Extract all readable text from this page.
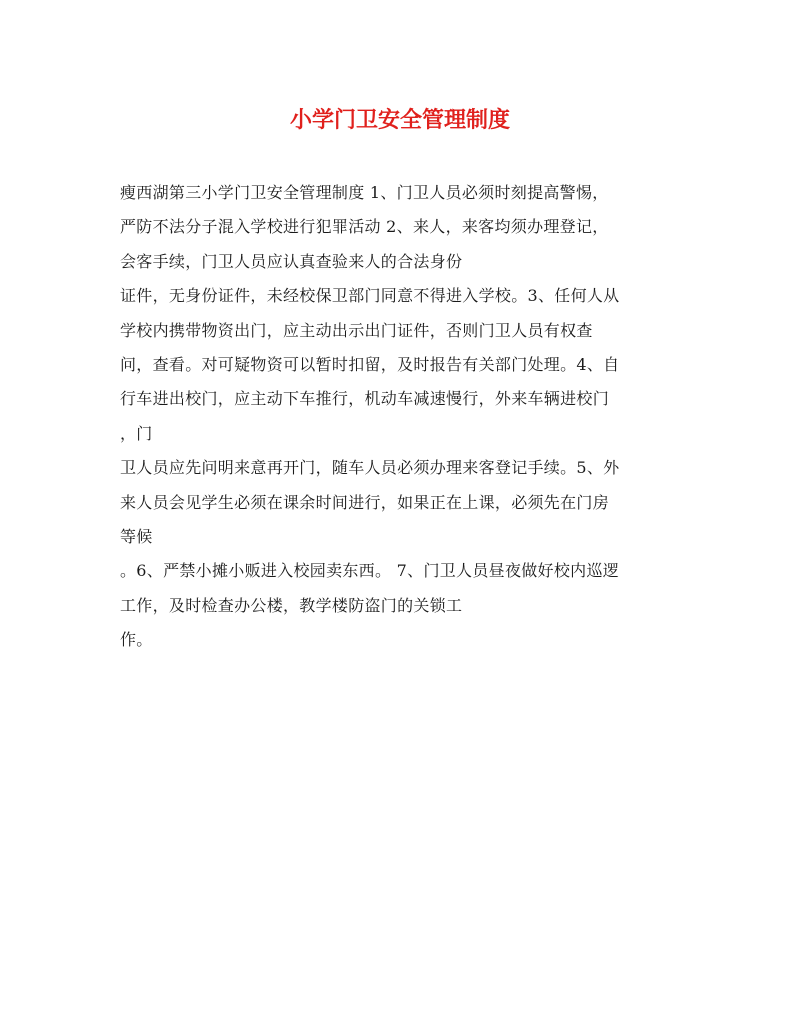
小学门卫安全管理制度

瘦西湖第三小学门卫安全管理制度 1、门卫人员必须时刻提高警惕，

严防不法分子混入学校进行犯罪活动 2、来人，来客均须办理登记，

会客手续，门卫人员应认真查验来人的合法身份

证件，无身份证件，未经校保卫部门同意不得进入学校。3、任何人从

学校内携带物资出门，应主动出示出门证件，否则门卫人员有权查

问，查看。对可疑物资可以暂时扣留，及时报告有关部门处理。4、自

行车进出校门，应主动下车推行，机动车减速慢行，外来车辆进校门

，门

卫人员应先问明来意再开门，随车人员必须办理来客登记手续。5、外

来人员会见学生必须在课余时间进行，如果正在上课，必须先在门房

等候

。6、严禁小摊小贩进入校园卖东西。 7、门卫人员昼夜做好校内巡逻

工作，及时检查办公楼，教学楼防盗门的关锁工

作。
